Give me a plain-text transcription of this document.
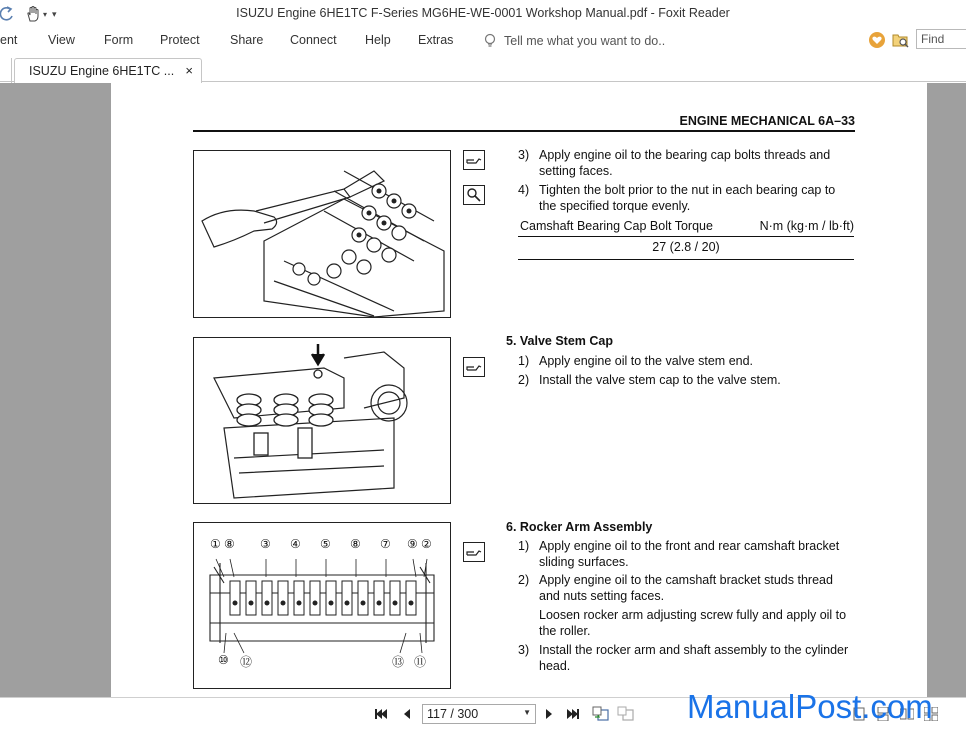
▾ ▾	ISUZU Engine 6HE1TC F-Series MG6HE-WE-0001 Workshop Manual.pdf - Foxit Reader
ent View Form Protect Share Connect Help Extras	Tell me what you want to do..	Find
ISUZU Engine 6HE1TC ... ×
ENGINE MECHANICAL 6A–33
3) Apply engine oil to the bearing cap bolts threads and setting faces.
4) Tighten the bolt prior to the nut in each bearing cap to the specified torque evenly.
Camshaft Bearing Cap Bolt Torque	N·m (kg·m / lb·ft)
27 (2.8 / 20)
5. Valve Stem Cap
1) Apply engine oil to the valve stem end.
2) Install the valve stem cap to the valve stem.
① ⑧ ③ ④ ⑤ ⑧ ⑦ ⑨ ②
⑩ ⑫	⑬ ⑪
6. Rocker Arm Assembly
1) Apply engine oil to the front and rear camshaft bracket sliding surfaces.
2) Apply engine oil to the camshaft bracket studs thread and nuts setting faces.
Loosen rocker arm adjusting screw fully and apply oil to the roller.
3) Install the rocker arm and shaft assembly to the cylinder head.
117 / 300	▼	ManualPost.com
